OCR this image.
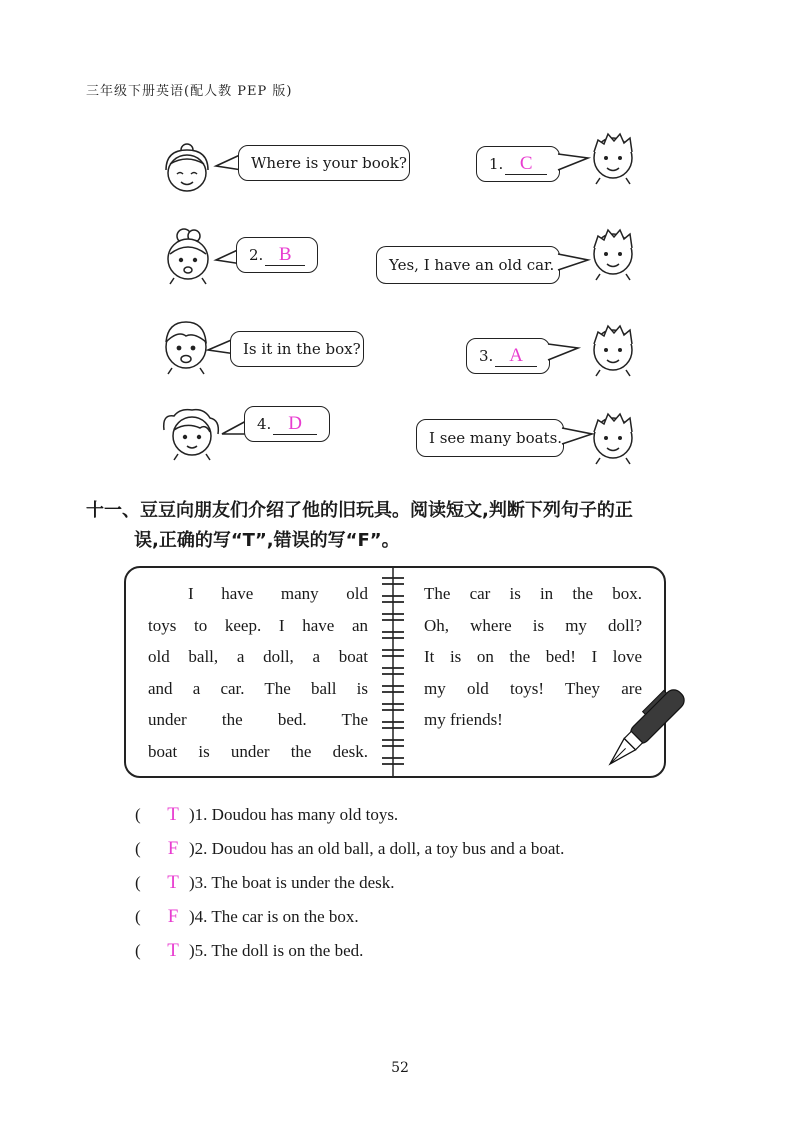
三年级下册英语(配人教 PEP 版)
Where is your book?	1. C
2. B	Yes, I have an old car.
Is it in the box?	3. A
4. D
I see many boats.
十一、豆豆向朋友们介绍了他的旧玩具。阅读短文,判断下列句子的正
误,正确的写“T”,错误的写“F”。
I have many old
toys to keep. I have an
old ball, a doll, a boat
and a car. The ball is
under the bed. The
boat is under the desk.
The car is in the box.
Oh, where is my doll?
It is on the bed! I love
my old toys! They are
my friends!
( T )1. Doudou has many old toys.
( F )2. Doudou has an old ball, a doll, a toy bus and a boat.
( T )3. The boat is under the desk.
( F )4. The car is on the box.
( T )5. The doll is on the bed.
52
